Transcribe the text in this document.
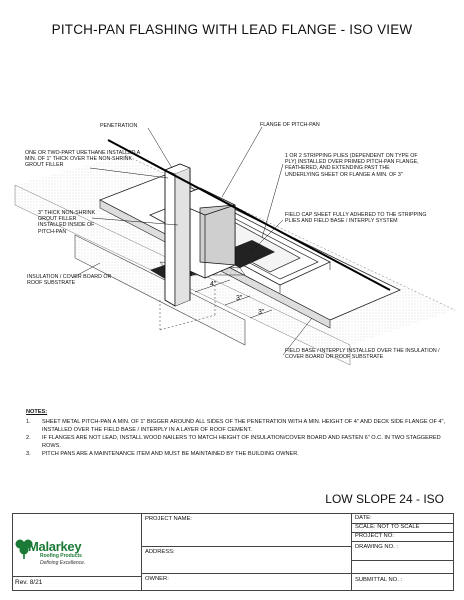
PITCH-PAN FLASHING WITH LEAD FLANGE - ISO VIEW
PENETRATION	FLANGE OF PITCH-PAN
ONE OR TWO-PART URETHANE INSTALLED A MIN. OF 1" THICK OVER THE NON-SHRINK GROUT FILLER
1 OR 2 STRIPPING PLIES (DEPENDENT ON TYPE OF PLY) INSTALLED OVER PRIMED PITCH-PAN FLANGE, FEATHERED, AND EXTENDING PAST THE UNDERLYING SHEET OR FLANGE A MIN. OF 3"
3" THICK NON-SHRINK GROUT FILLER INSTALLED INSIDE OF PITCH-PAN
FIELD CAP SHEET FULLY ADHERED TO THE STRIPPING PLIES AND FIELD BASE / INTERPLY SYSTEM
INSULATION / COVER BOARD OR ROOF SUBSTRATE
FIELD BASE / INTERPLY INSTALLED OVER THE INSULATION / COVER BOARD OR ROOF SUBSTRATE
4"
3"
3"
NOTES:
1.	SHEET METAL PITCH-PAN A MIN. OF 1" BIGGER AROUND ALL SIDES OF THE PENETRATION WITH A MIN. HEIGHT OF 4" AND DECK SIDE FLANGE OF 4", INSTALLED OVER THE FIELD BASE / INTERPLY IN A LAYER OF ROOF CEMENT.
2.	IF FLANGES ARE NOT LEAD, INSTALL WOOD NAILERS TO MATCH HEIGHT OF INSULATION/COVER BOARD AND FASTEN 6" O.C. IN TWO STAGGERED ROWS.
3.	PITCH PANS ARE A MAINTENANCE ITEM AND MUST BE MAINTAINED BY THE BUILDING OWNER.
LOW SLOPE 24 - ISO
PROJECT NAME:
ADDRESS:
OWNER:
DATE:
SCALE: NOT TO SCALE
PROJECT NO:
DRAWING NO. :
SUBMITTAL NO. :
Malarkey
Roofing Products
Defining Excellence.
Rev. 8/21
